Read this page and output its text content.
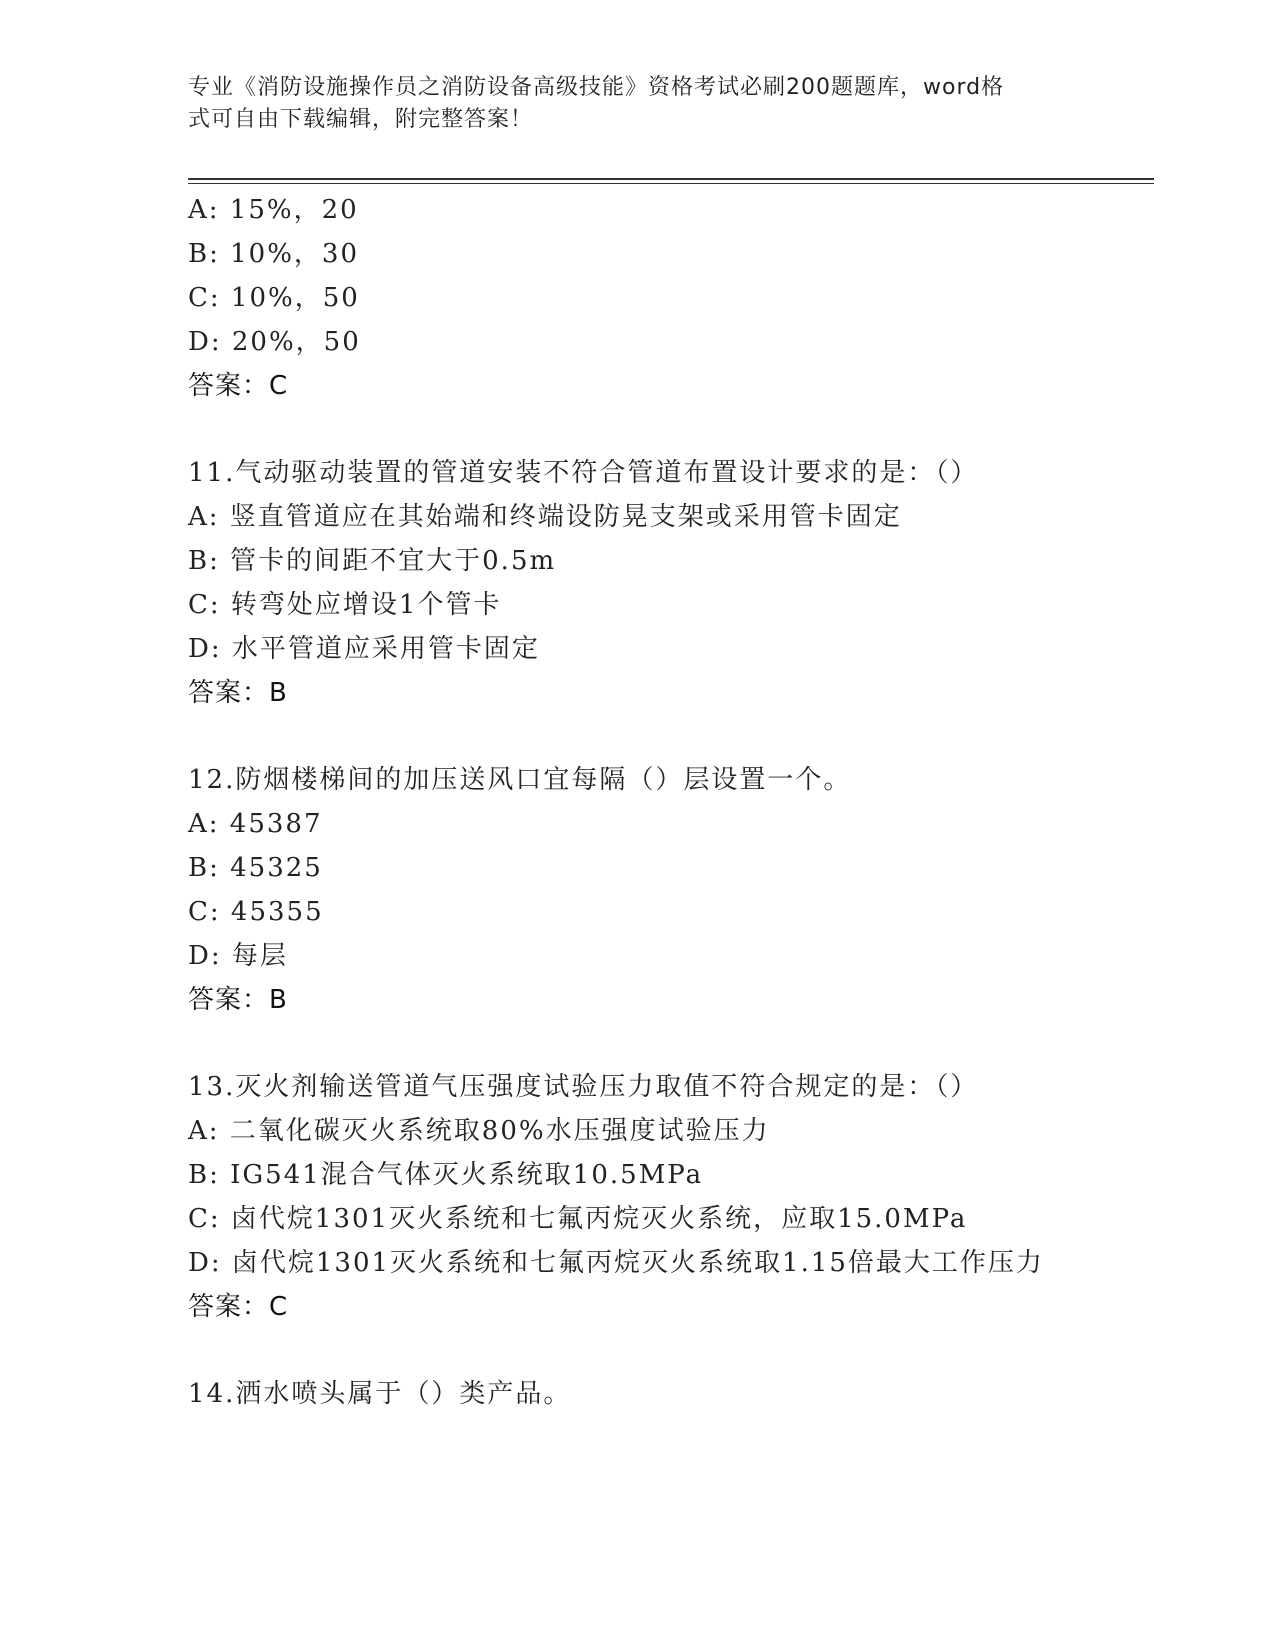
专业《消防设施操作员之消防设备高级技能》资格考试必刷200题题库，word格
式可自由下载编辑，附完整答案！
A: 15%，20
B: 10%，30
C: 10%，50
D: 20%，50
答案：C
11.气动驱动装置的管道安装不符合管道布置设计要求的是：（）
A: 竖直管道应在其始端和终端设防晃支架或采用管卡固定
B: 管卡的间距不宜大于0.5m
C: 转弯处应增设1个管卡
D: 水平管道应采用管卡固定
答案：B
12.防烟楼梯间的加压送风口宜每隔（）层设置一个。
A: 45387
B: 45325
C: 45355
D: 每层
答案：B
13.灭火剂输送管道气压强度试验压力取值不符合规定的是：（）
A: 二氧化碳灭火系统取80%水压强度试验压力
B: IG541混合气体灭火系统取10.5MPa
C: 卤代烷1301灭火系统和七氟丙烷灭火系统，应取15.0MPa
D: 卤代烷1301灭火系统和七氟丙烷灭火系统取1.15倍最大工作压力
答案：C
14.洒水喷头属于（）类产品。
